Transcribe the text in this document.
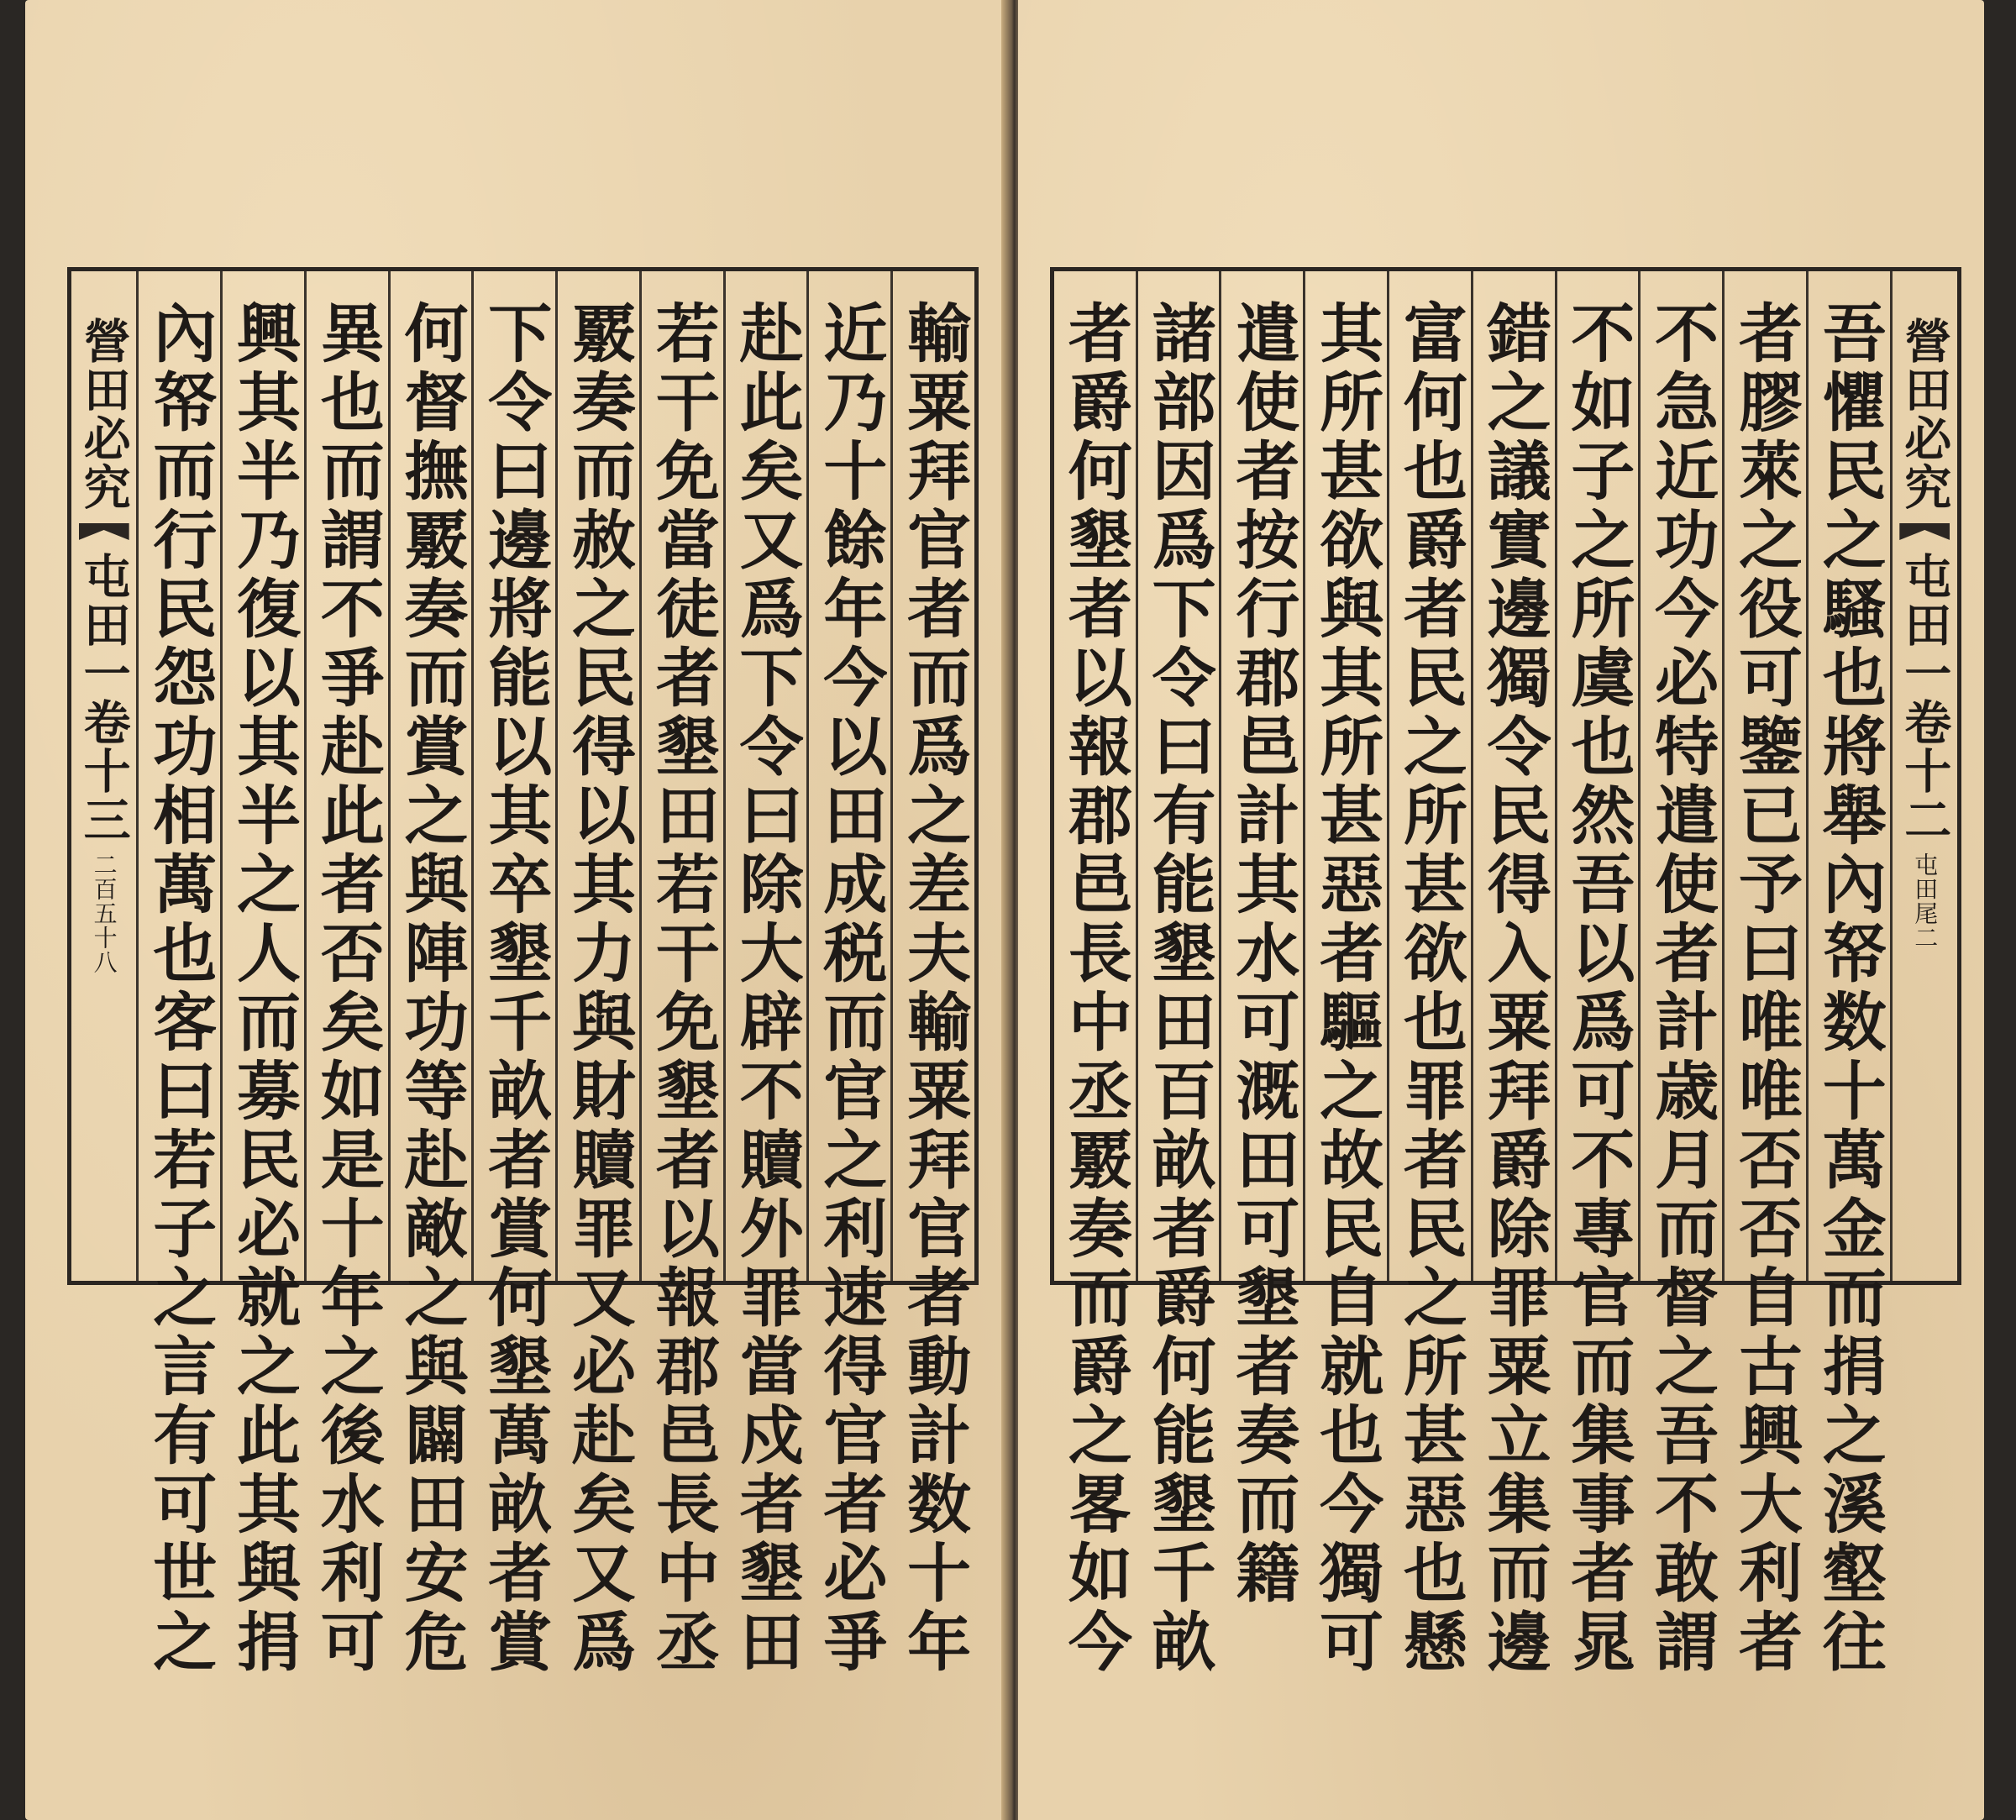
輸粟拜官者而爲之差夫輸粟拜官者動計数十年
近乃十餘年今以田成税而官之利速得官者必爭
赴此矣又爲下令曰除大辟不贖外罪當戍者墾田
若干免當徒者墾田若干免墾者以報郡邑長中丞
覈奏而赦之民得以其力與財贖罪又必赴矣又爲
下令曰邊將能以其卒墾千畝者賞何墾萬畝者賞
何督撫覈奏而賞之與陣功等赴敵之與闢田安危
異也而謂不爭赴此者否矣如是十年之後水利可
興其半乃復以其半之人而募民必就之此其與捐
內帑而行民怨功相萬也客曰若子之言有可世之
營田必究
屯田一卷
十三
二百五十八
營田必究
屯田一卷
十二
屯田尾二
吾懼民之騷也將舉內帑数十萬金而捐之溪壑往
者膠萊之役可鑒已予曰唯唯否否自古興大利者
不急近功今必特遣使者計歳月而督之吾不敢謂
不如子之所虞也然吾以爲可不專官而集事者晁
錯之議實邊獨令民得入粟拜爵除罪粟立集而邊
富何也爵者民之所甚欲也罪者民之所甚惡也懸
其所甚欲與其所甚惡者驅之故民自就也今獨可
遣使者按行郡邑計其水可溉田可墾者奏而籍
諸部因爲下令曰有能墾田百畝者爵何能墾千畝
者爵何墾者以報郡邑長中丞覈奏而爵之畧如今
